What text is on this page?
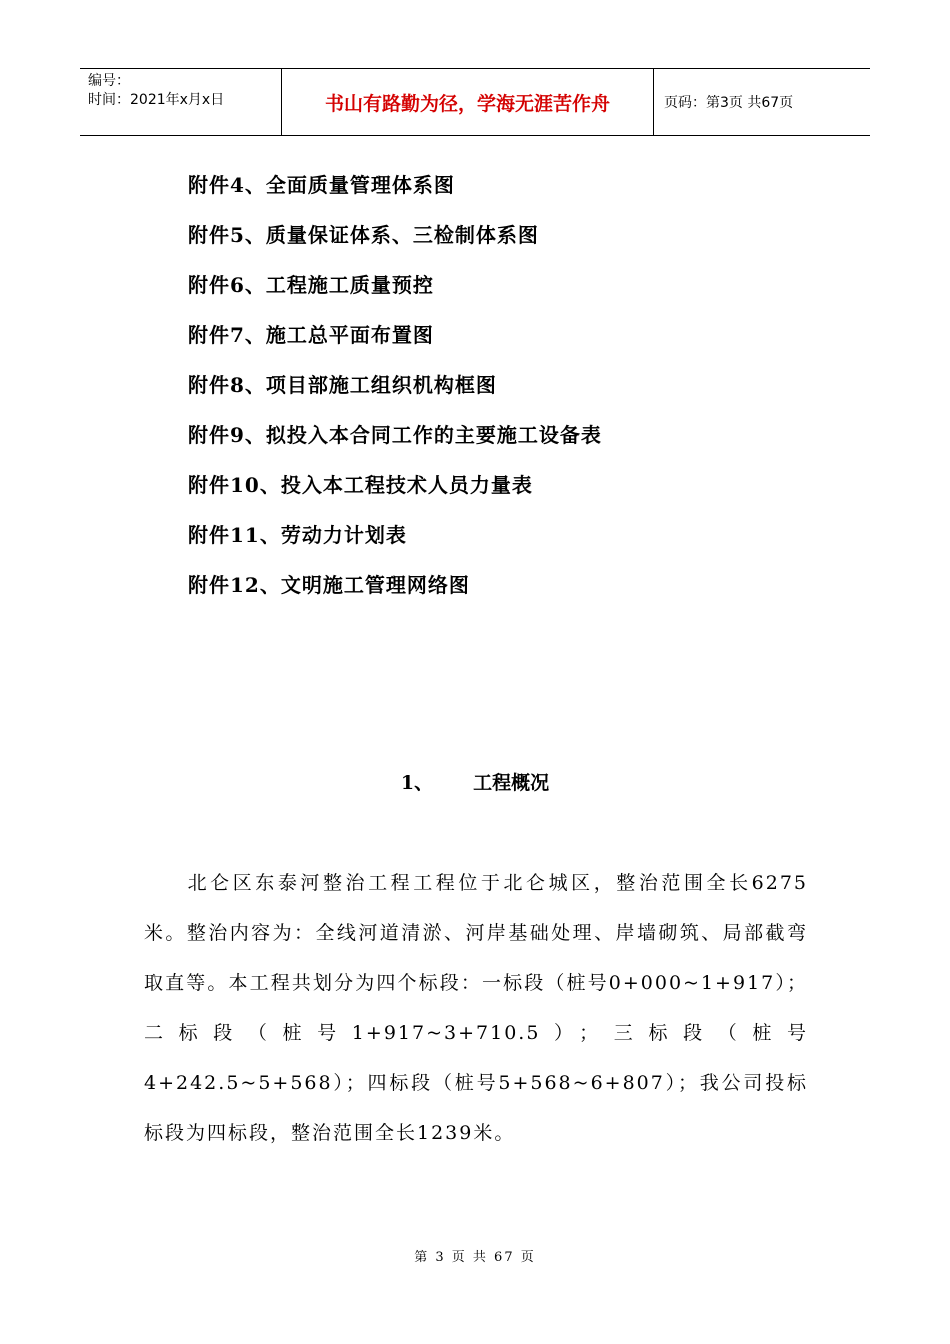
编号：
时间：2021年x月x日	书山有路勤为径，学海无涯苦作舟	页码：第3页 共67页
附件4、全面质量管理体系图
附件5、质量保证体系、三检制体系图
附件6、工程施工质量预控
附件7、施工总平面布置图
附件8、项目部施工组织机构框图
附件9、拟投入本合同工作的主要施工设备表
附件10、投入本工程技术人员力量表
附件11、劳动力计划表
附件12、文明施工管理网络图
1、 工程概况

北仑区东泰河整治工程工程位于北仑城区，整治范围全长6275米。整治内容为：全线河道清淤、河岸基础处理、岸墙砌筑、局部截弯取直等。本工程共划分为四个标段：一标段（桩号0+000~1+917）；二标段（桩号1+917~3+710.5）；三标段（桩号4+242.5~5+568）；四标段（桩号5+568~6+807）；我公司投标标段为四标段，整治范围全长1239米。

第 3 页 共 67 页
